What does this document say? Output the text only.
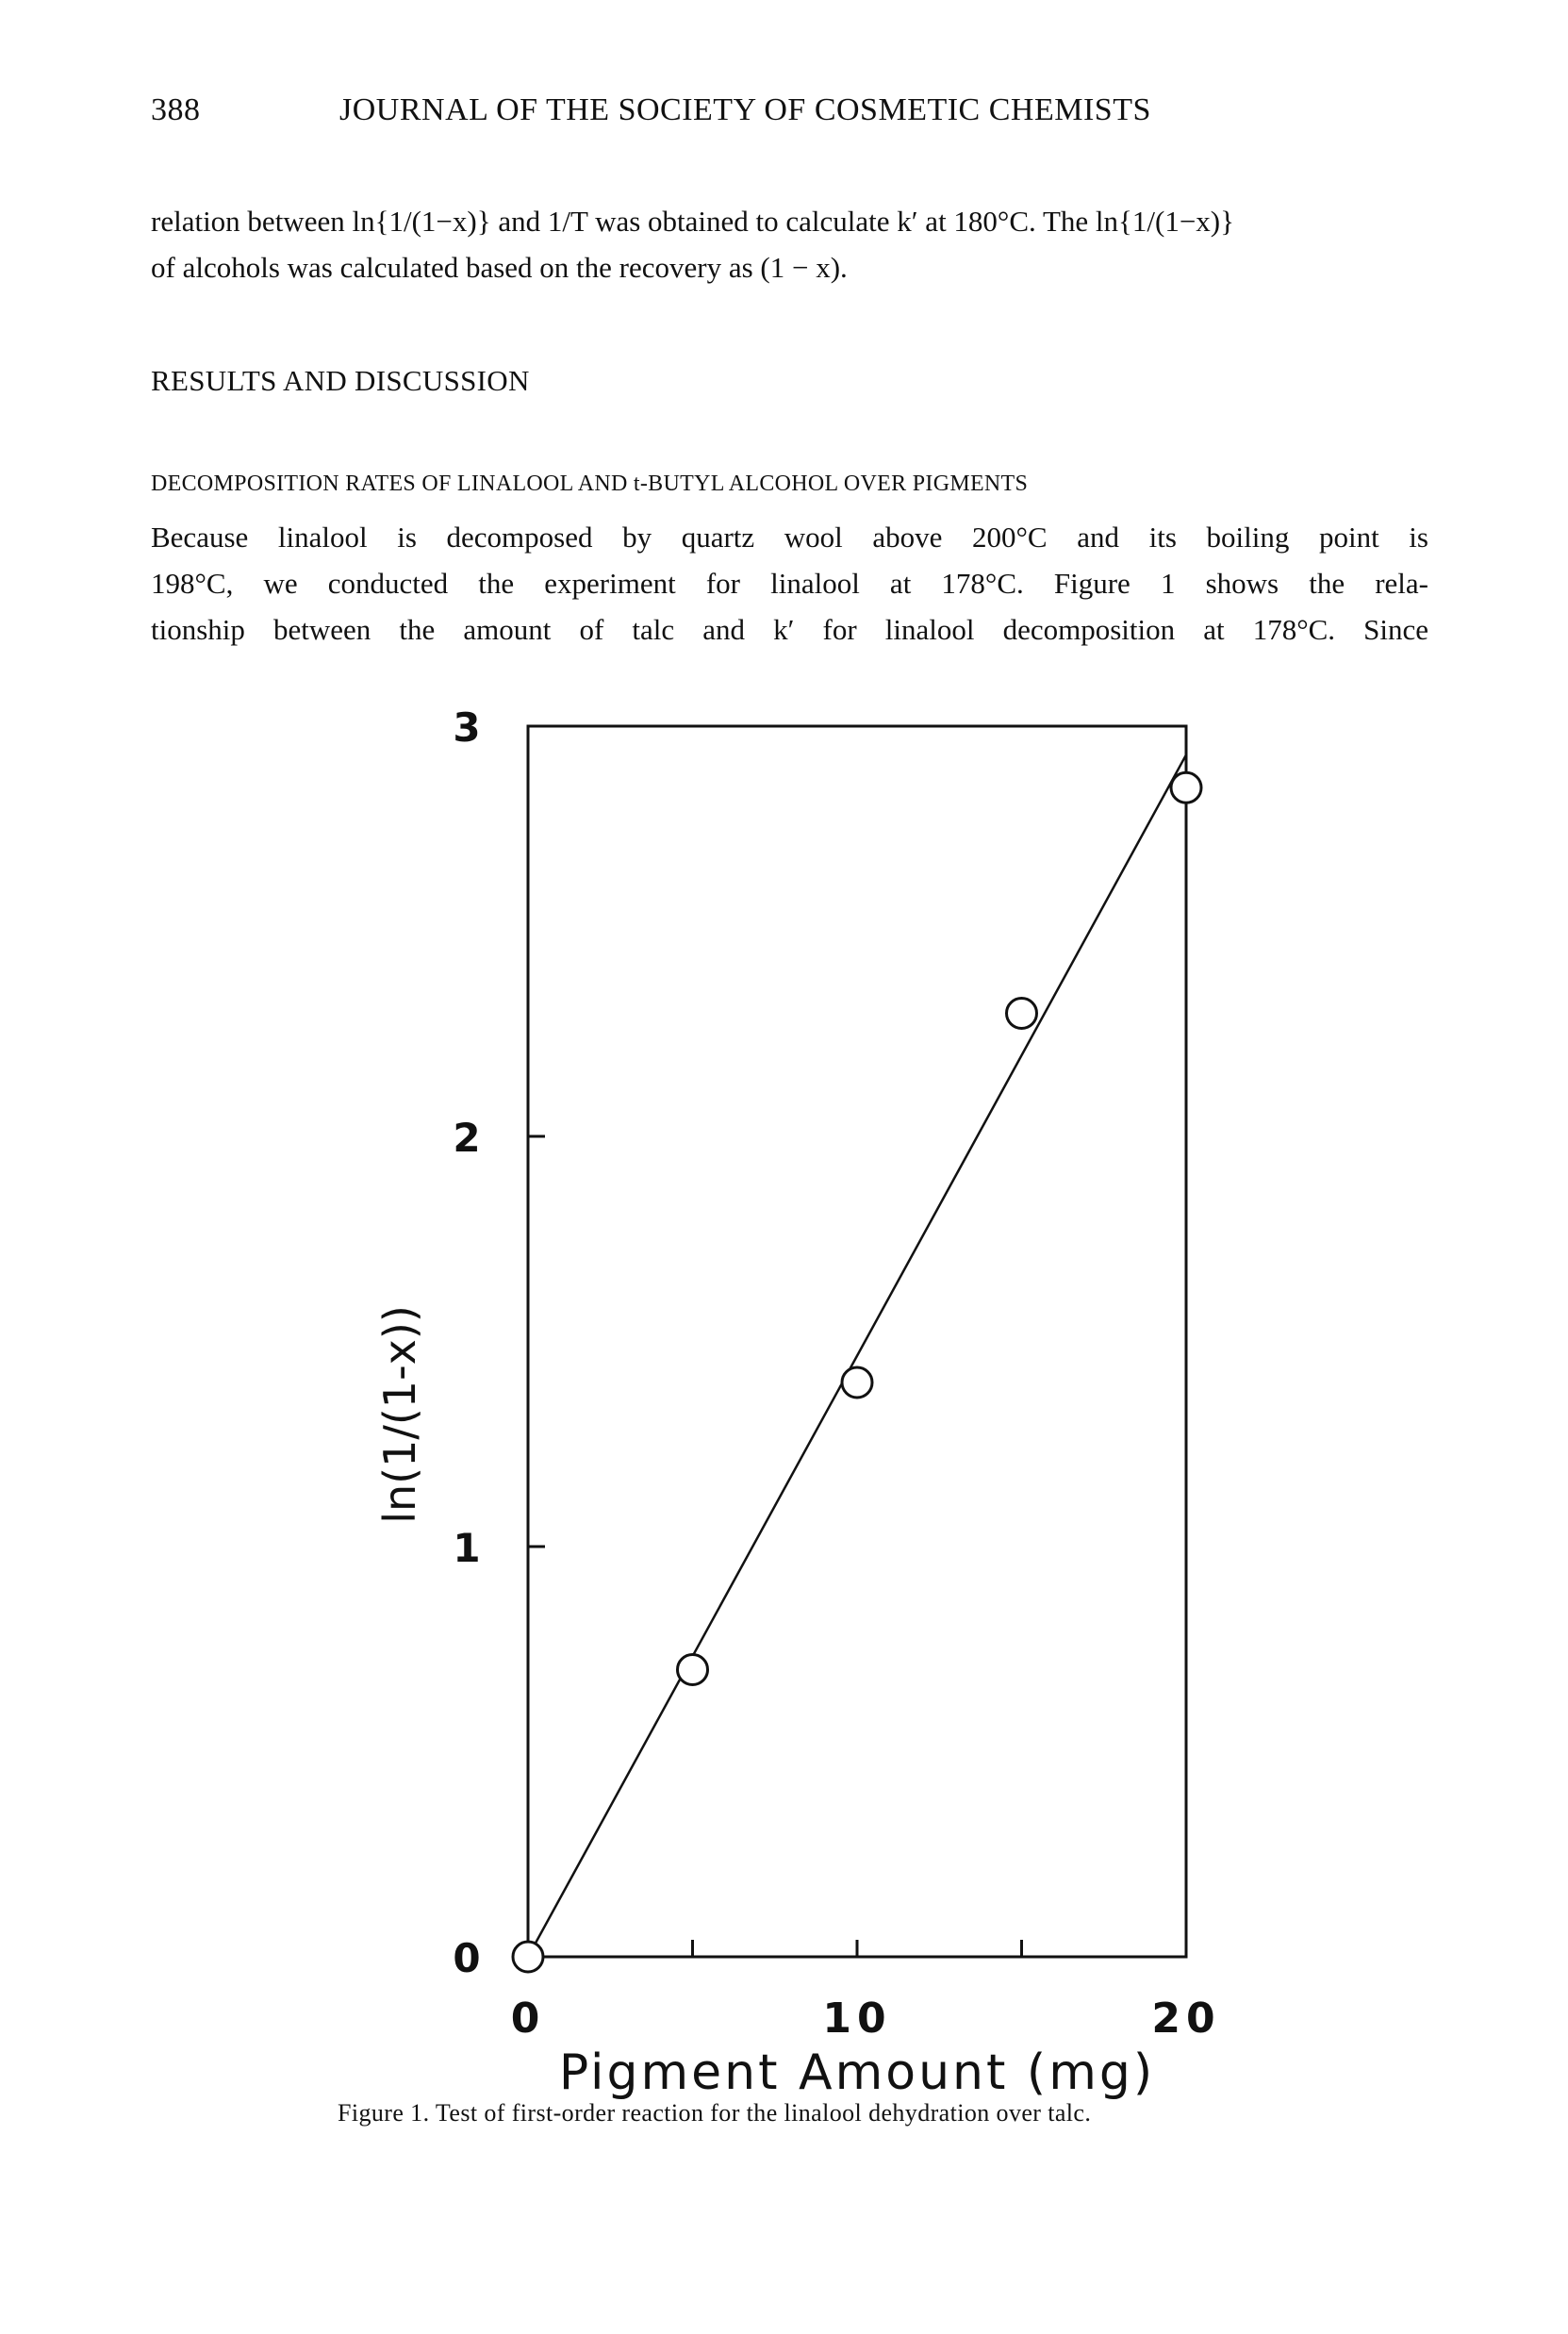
388	JOURNAL OF THE SOCIETY OF COSMETIC CHEMISTS
relation between ln{1/(1−x)} and 1/T was obtained to calculate k′ at 180°C. The ln{1/(1−x)}
of alcohols was calculated based on the recovery as (1 − x).
RESULTS AND DISCUSSION
DECOMPOSITION RATES OF LINALOOL AND t-BUTYL ALCOHOL OVER PIGMENTS
Because linalool is decomposed by quartz wool above 200°C and its boiling point is
198°C, we conducted the experiment for linalool at 178°C. Figure 1 shows the rela-
tionship between the amount of talc and k′ for linalool decomposition at 178°C. Since
0
1
2
3
0	10	20
Pigment Amount (mg)
ln(1/(1-x))
Figure 1. Test of first-order reaction for the linalool dehydration over talc.
